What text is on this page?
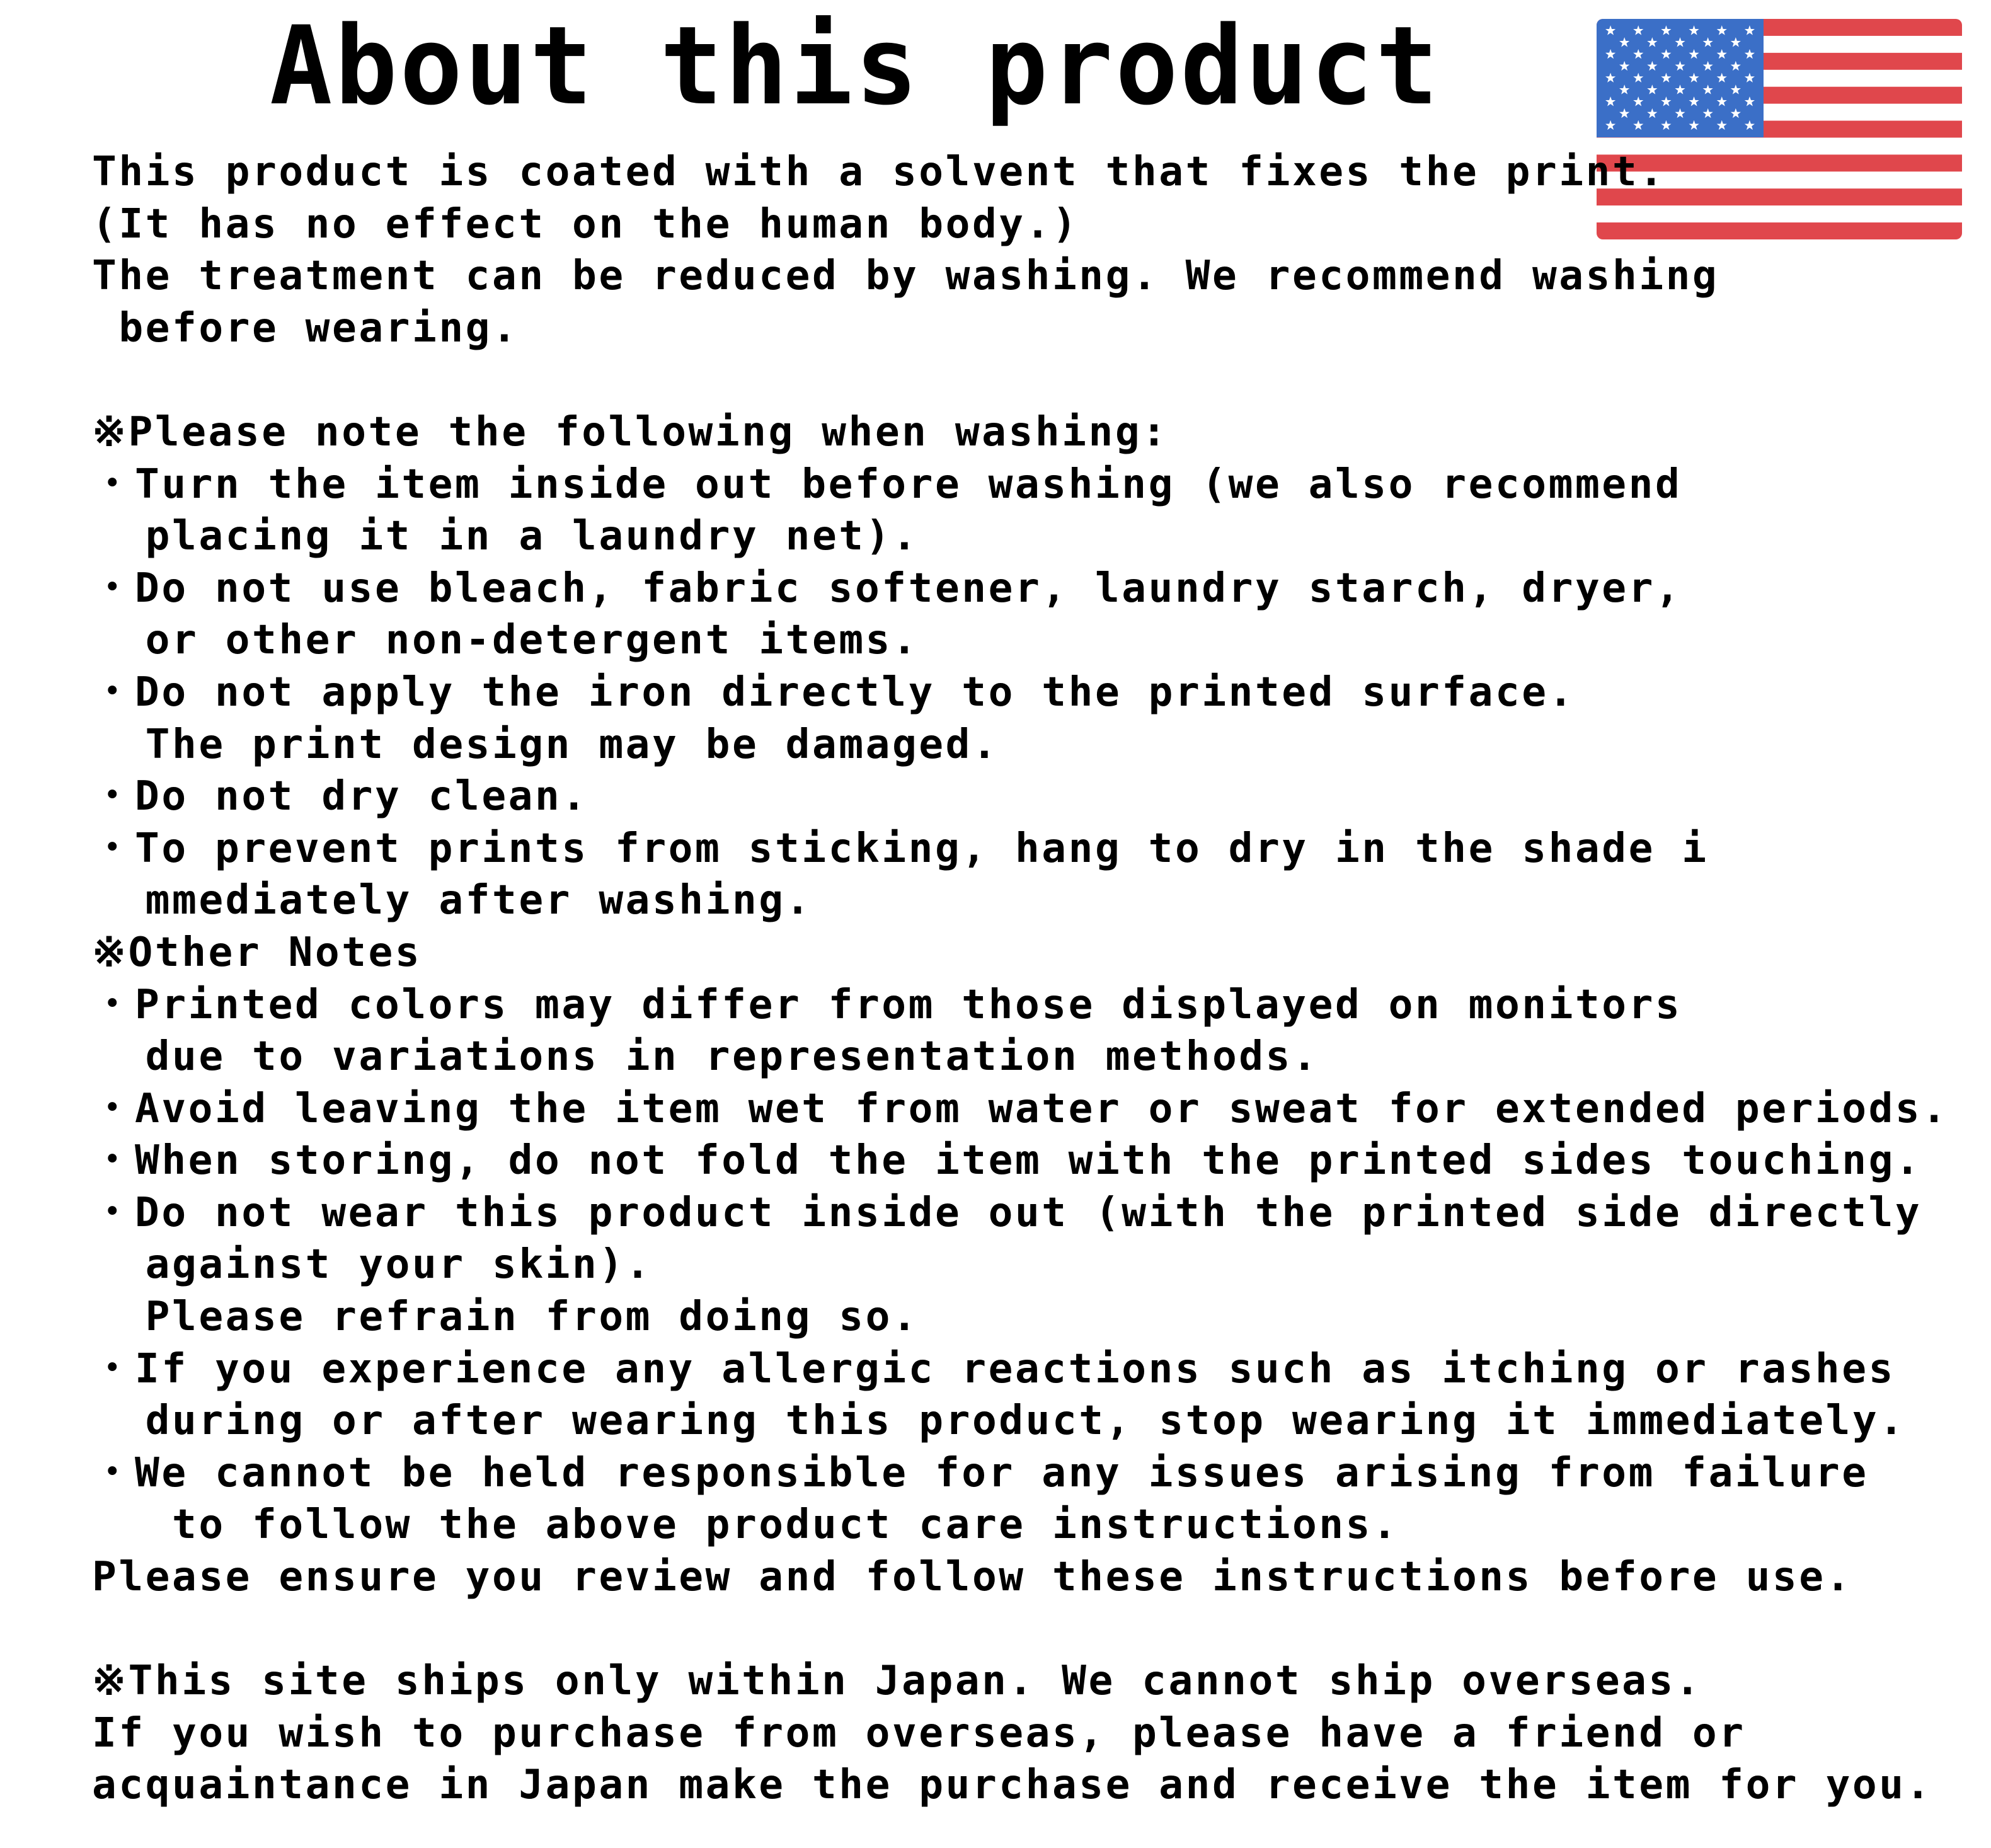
About this product
This product is coated with a solvent that fixes the print.
(It has no effect on the human body.)
The treatment can be reduced by washing. We recommend washing
before wearing.
※Please note the following when washing:
・Turn the item inside out before washing (we also recommend
placing it in a laundry net).
・Do not use bleach, fabric softener, laundry starch, dryer,
or other non-detergent items.
・Do not apply the iron directly to the printed surface.
The print design may be damaged.
・Do not dry clean.
・To prevent prints from sticking, hang to dry in the shade i
mmediately after washing.
※Other Notes
・Printed colors may differ from those displayed on monitors
due to variations in representation methods.
・Avoid leaving the item wet from water or sweat for extended periods.
・When storing, do not fold the item with the printed sides touching.
・Do not wear this product inside out (with the printed side directly
against your skin).
Please refrain from doing so.
・If you experience any allergic reactions such as itching or rashes
during or after wearing this product, stop wearing it immediately.
・We cannot be held responsible for any issues arising from failure
to follow the above product care instructions.
Please ensure you review and follow these instructions before use.
※This site ships only within Japan. We cannot ship overseas.
If you wish to purchase from overseas, please have a friend or
acquaintance in Japan make the purchase and receive the item for you.
